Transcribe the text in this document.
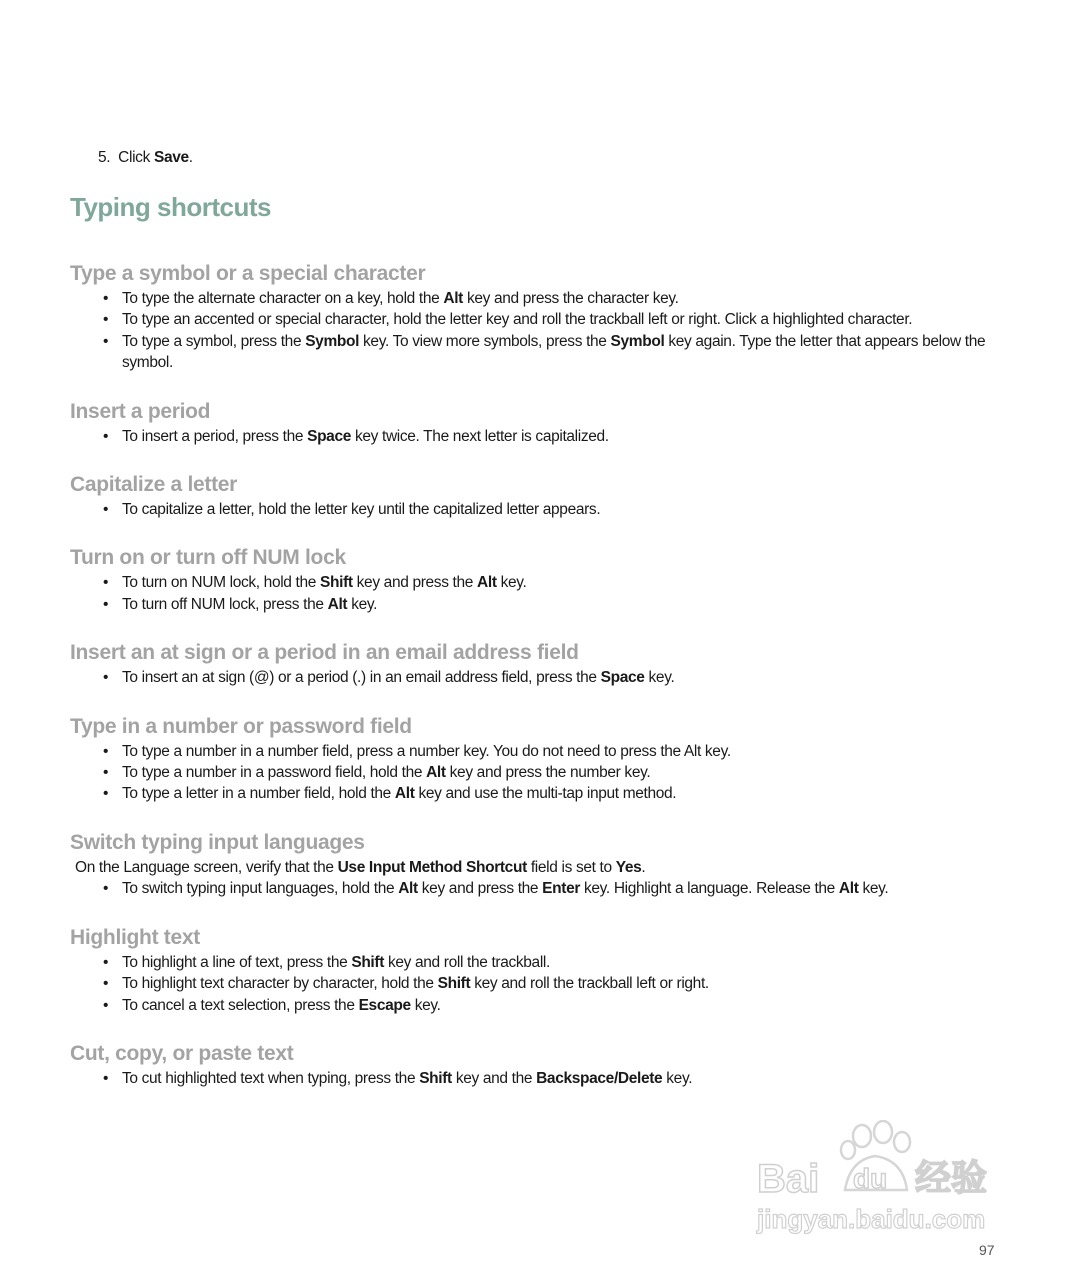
5. Click Save.
Typing shortcuts
Type a symbol or a special character
• To type the alternate character on a key, hold the Alt key and press the character key.
• To type an accented or special character, hold the letter key and roll the trackball left or right. Click a highlighted character.
• To type a symbol, press the Symbol key. To view more symbols, press the Symbol key again. Type the letter that appears below the symbol.
Insert a period
• To insert a period, press the Space key twice. The next letter is capitalized.
Capitalize a letter
• To capitalize a letter, hold the letter key until the capitalized letter appears.
Turn on or turn off NUM lock
• To turn on NUM lock, hold the Shift key and press the Alt key.
• To turn off NUM lock, press the Alt key.
Insert an at sign or a period in an email address field
• To insert an at sign (@) or a period (.) in an email address field, press the Space key.
Type in a number or password field
• To type a number in a number field, press a number key. You do not need to press the Alt key.
• To type a number in a password field, hold the Alt key and press the number key.
• To type a letter in a number field, hold the Alt key and use the multi-tap input method.
Switch typing input languages
On the Language screen, verify that the Use Input Method Shortcut field is set to Yes.
• To switch typing input languages, hold the Alt key and press the Enter key. Highlight a language. Release the Alt key.
Highlight text
• To highlight a line of text, press the Shift key and roll the trackball.
• To highlight text character by character, hold the Shift key and roll the trackball left or right.
• To cancel a text selection, press the Escape key.
Cut, copy, or paste text
• To cut highlighted text when typing, press the Shift key and the Backspace/Delete key.
Bai du 经验
jingyan.baidu.com
97
